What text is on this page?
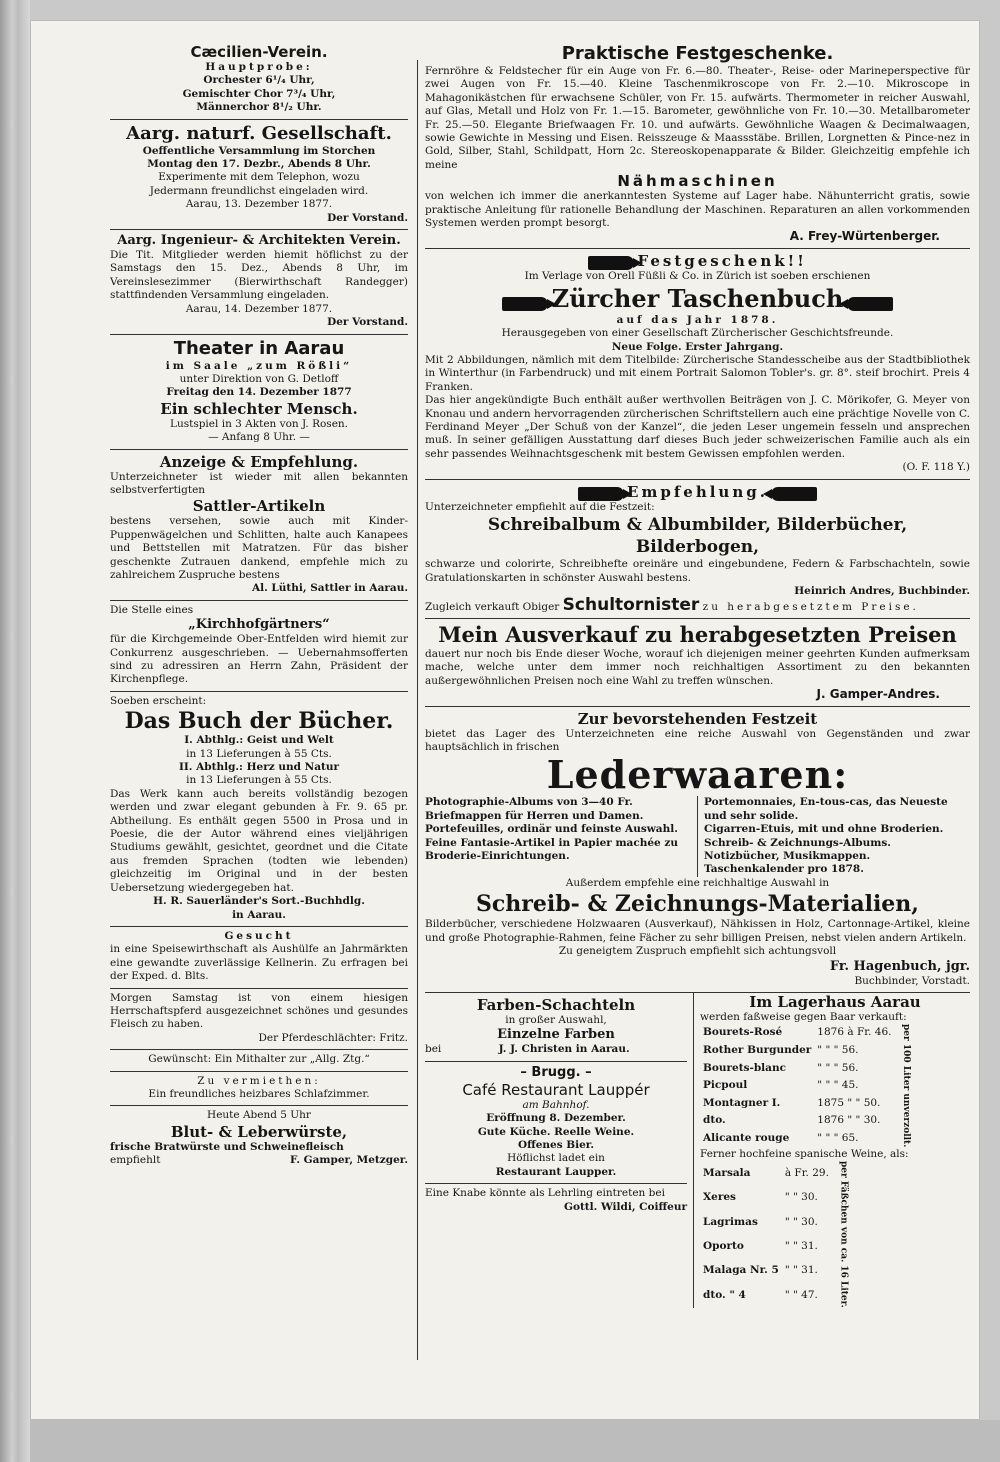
Cæcilien-Verein.
Hauptprobe:
Orchester 6¹/₄ Uhr,
Gemischter Chor 7³/₄ Uhr,
Männerchor 8¹/₂ Uhr.
Aarg. naturf. Gesellschaft.
Oeffentliche Versammlung im Storchen
Montag den 17. Dezbr., Abends 8 Uhr.
Experimente mit dem Telephon, wozu
Jedermann freundlichst eingeladen wird.
Aarau, 13. Dezember 1877.
Der Vorstand.
Aarg. Ingenieur- & Architekten Verein.

Die Tit. Mitglieder werden hiemit höflichst zu der Samstags den 15. Dez., Abends 8 Uhr, im Vereinslesezimmer (Bierwirthschaft Randegger) stattfindenden Versammlung eingeladen.

Aarau, 14. Dezember 1877.
Der Vorstand.
Theater in Aarau
im Saale „zum Rößli“
unter Direktion von G. Detloff
Freitag den 14. Dezember 1877
Ein schlechter Mensch.
Lustspiel in 3 Akten von J. Rosen.
— Anfang 8 Uhr. —
Anzeige & Empfehlung.

Unterzeichneter ist wieder mit allen bekannten selbstverfertigten

Sattler-Artikeln

bestens versehen, sowie auch mit Kinder-Puppenwägelchen und Schlitten, halte auch Kanapees und Bettstellen mit Matratzen. Für das bisher geschenkte Zutrauen dankend, empfehle mich zu zahlreichem Zuspruche bestens

Al. Lüthi, Sattler in Aarau.
Die Stelle eines
„Kirchhofgärtners“

für die Kirchgemeinde Ober-Entfelden wird hiemit zur Conkurrenz ausgeschrieben. — Uebernahmsofferten sind zu adressiren an Herrn Zahn, Präsident der Kirchenpflege.

Soeben erscheint:
Das Buch der Bücher.
I. Abthlg.: Geist und Welt
in 13 Lieferungen à 55 Cts.
II. Abthlg.: Herz und Natur
in 13 Lieferungen à 55 Cts.

Das Werk kann auch bereits vollständig bezogen werden und zwar elegant gebunden à Fr. 9. 65 pr. Abtheilung. Es enthält gegen 5500 in Prosa und in Poesie, die der Autor während eines vieljährigen Studiums gewählt, gesichtet, geordnet und die Citate aus fremden Sprachen (todten wie lebenden) gleichzeitig im Original und in der besten Uebersetzung wiedergegeben hat.

H. R. Sauerländer's Sort.-Buchhdlg.
in Aarau.
Gesucht

in eine Speisewirthschaft als Aushülfe an Jahrmärkten eine gewandte zuverlässige Kellnerin. Zu erfragen bei der Exped. d. Blts.

Morgen Samstag ist von einem hiesigen Herrschaftspferd ausgezeichnet schönes und gesundes Fleisch zu haben.

Der Pferdeschlächter: Fritz.
Gewünscht: Ein Mithalter zur „Allg. Ztg.“
Zu vermiethen:
Ein freundliches heizbares Schlafzimmer.
Heute Abend 5 Uhr
Blut- & Leberwürste,
frische Bratwürste und Schweinefleisch
empfiehlt	F. Gamper, Metzger.
Praktische Festgeschenke.

Fernröhre & Feldstecher für ein Auge von Fr. 6.—80. Theater-, Reise- oder Marineperspective für zwei Augen von Fr. 15.—40. Kleine Taschenmikroscope von Fr. 2.—10. Mikroscope in Mahagonikästchen für erwachsene Schüler, von Fr. 15. aufwärts. Thermometer in reicher Auswahl, auf Glas, Metall und Holz von Fr. 1.—15. Barometer, gewöhnliche von Fr. 10.—30. Metallbarometer Fr. 25.—50. Elegante Briefwaagen Fr. 10. und aufwärts. Gewöhnliche Waagen & Decimalwaagen, sowie Gewichte in Messing und Eisen. Reisszeuge & Maassstäbe. Brillen, Lorgnetten & Pince-nez in Gold, Silber, Stahl, Schildpatt, Horn 2c. Stereoskopenapparate & Bilder. Gleichzeitig empfehle ich meine

Nähmaschinen

von welchen ich immer die anerkanntesten Systeme auf Lager habe. Nähunterricht gratis, sowie praktische Anleitung für rationelle Behandlung der Maschinen. Reparaturen an allen vorkommenden Systemen werden prompt besorgt.

A. Frey-Würtenberger.
Festgeschenk!!
Im Verlage von Orell Füßli & Co. in Zürich ist soeben erschienen
Zürcher Taschenbuch
auf das Jahr 1878.
Herausgegeben von einer Gesellschaft Zürcherischer Geschichtsfreunde.
Neue Folge. Erster Jahrgang.

Mit 2 Abbildungen, nämlich mit dem Titelbilde: Zürcherische Standesscheibe aus der Stadtbibliothek in Winterthur (in Farbendruck) und mit einem Portrait Salomon Tobler's. gr. 8°. steif brochirt. Preis 4 Franken.

Das hier angekündigte Buch enthält außer werthvollen Beiträgen von J. C. Mörikofer, G. Meyer von Knonau und andern hervorragenden zürcherischen Schriftstellern auch eine prächtige Novelle von C. Ferdinand Meyer „Der Schuß von der Kanzel“, die jeden Leser ungemein fesseln und ansprechen muß. In seiner gefälligen Ausstattung darf dieses Buch jeder schweizerischen Familie auch als ein sehr passendes Weihnachtsgeschenk mit bestem Gewissen empfohlen werden.

(O. F. 118 Y.)
Empfehlung.
Unterzeichneter empfiehlt auf die Festzeit:
Schreibalbum & Albumbilder, Bilderbücher, Bilderbogen,

schwarze und colorirte, Schreibhefte oreinäre und eingebundene, Federn & Farbschachteln, sowie Gratulationskarten in schönster Auswahl bestens.

Heinrich Andres, Buchbinder.
Zugleich verkauft Obiger Schultornister zu herabgesetztem Preise.
Mein Ausverkauf zu herabgesetzten Preisen

dauert nur noch bis Ende dieser Woche, worauf ich diejenigen meiner geehrten Kunden aufmerksam mache, welche unter dem immer noch reichhaltigen Assortiment zu den bekannten außergewöhnlichen Preisen noch eine Wahl zu treffen wünschen.

J. Gamper-Andres.
Zur bevorstehenden Festzeit

bietet das Lager des Unterzeichneten eine reiche Auswahl von Gegenständen und zwar hauptsächlich in frischen

Lederwaaren:
Photographie-Albums von 3—40 Fr.
Briefmappen für Herren und Damen.
Portefeuilles, ordinär und feinste Auswahl.
Feine Fantasie-Artikel in Papier machée zu Broderie-Einrichtungen.
Portemonnaies, En-tous-cas, das Neueste und sehr solide.
Cigarren-Etuis, mit und ohne Broderien.
Schreib- & Zeichnungs-Albums.
Notizbücher, Musikmappen.
Taschenkalender pro 1878.
Außerdem empfehle eine reichhaltige Auswahl in
Schreib- & Zeichnungs-Materialien,

Bilderbücher, verschiedene Holzwaaren (Ausverkauf), Nähkissen in Holz, Cartonnage-Artikel, kleine und große Photographie-Rahmen, feine Fächer zu sehr billigen Preisen, nebst vielen andern Artikeln.

Zu geneigtem Zuspruch empfiehlt sich achtungsvoll
Fr. Hagenbuch, jgr.
Buchbinder, Vorstadt.
Farben-Schachteln
in großer Auswahl,
Einzelne Farben
bei	J. J. Christen in Aarau.
– Brugg. –
Café Restaurant Lauppér
am Bahnhof.
Eröffnung 8. Dezember.
Gute Küche. Reelle Weine.
Offenes Bier.
Höflichst ladet ein
Restaurant Laupper.
Eine Knabe könnte als Lehrling eintreten bei
Gottl. Wildi, Coiffeur
Im Lagerhaus Aarau
werden faßweise gegen Baar verkauft:
Bourets-Rosé	1876 à Fr. 46.
Rother Burgunder	" " " 56.
Bourets-blanc	" " " 56.
Picpoul	" " " 45.
Montagner I.	1875 " " 50.
dto.	1876 " " 30.
Alicante rouge	" " " 65.	per 100 Liter unverzollt.
Ferner hochfeine spanische Weine, als:
Marsala	à Fr. 29.
Xeres	" " 30.
Lagrimas	" " 30.
Oporto	" " 31.
Malaga Nr. 5	" " 31.
dto. " 4	" " 47.	per Fäßchen von ca. 16 Liter.
